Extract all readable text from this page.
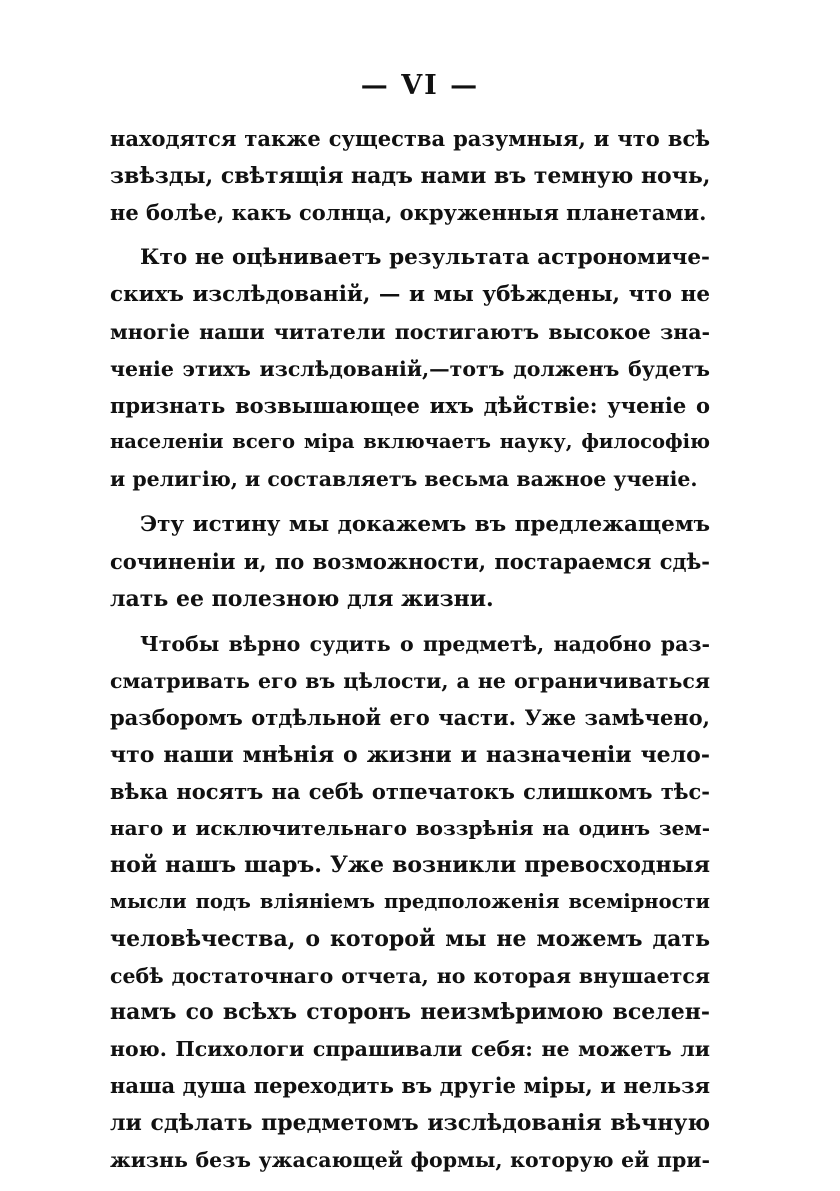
— VI —
находятся также существа разумныя, и что всѣ
звѣзды, свѣтящія надъ нами въ темную ночь,
не болѣе, какъ солнца, окруженныя планетами.
Кто не оцѣниваетъ результата астрономиче-
скихъ изслѣдованій, — и мы убѣждены, что не
многіе наши читатели постигаютъ высокое зна-
ченіе этихъ изслѣдованій,—тотъ долженъ будетъ
признать возвышающее ихъ дѣйствіе: ученіе о
населеніи всего міра включаетъ науку, философію
и религію, и составляетъ весьма важное ученіе.
Эту истину мы докажемъ въ предлежащемъ
сочиненіи и, по возможности, постараемся сдѣ-
лать ее полезною для жизни.
Чтобы вѣрно судить о предметѣ, надобно раз-
сматривать его въ цѣлости, а не ограничиваться
разборомъ отдѣльной его части. Уже замѣчено,
что наши мнѣнія о жизни и назначеніи чело-
вѣка носятъ на себѣ отпечатокъ слишкомъ тѣс-
наго и исключительнаго воззрѣнія на одинъ зем-
ной нашъ шаръ. Уже возникли превосходныя
мысли подъ вліяніемъ предположенія всеміpности
человѣчества, о которой мы не можемъ дать
себѣ достаточнаго отчета, но которая внушается
намъ со всѣхъ сторонъ неизмѣримою вселен-
ною. Психологи спрашивали себя: не можетъ ли
наша душа переходить въ другіе міры, и нельзя
ли сдѣлать предметомъ изслѣдованія вѣчную
жизнь безъ ужасающей формы, которую ей при-
